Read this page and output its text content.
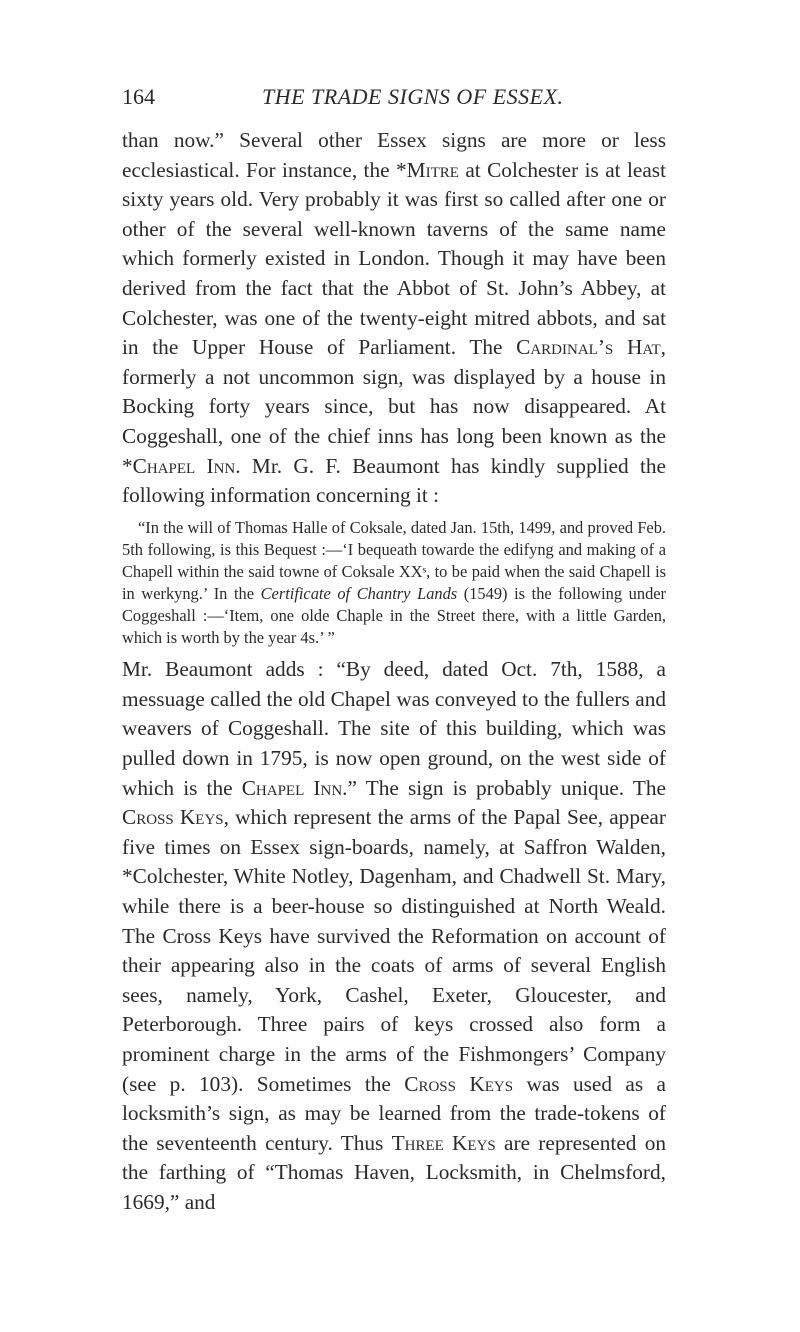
164	THE TRADE SIGNS OF ESSEX.

than now.” Several other Essex signs are more or less ecclesiastical. For instance, the *Mitre at Colchester is at least sixty years old. Very probably it was first so called after one or other of the several well-known taverns of the same name which formerly existed in London. Though it may have been derived from the fact that the Abbot of St. John’s Abbey, at Colchester, was one of the twenty-eight mitred abbots, and sat in the Upper House of Parliament. The Cardinal’s Hat, formerly a not uncommon sign, was displayed by a house in Bocking forty years since, but has now disappeared. At Coggeshall, one of the chief inns has long been known as the *Chapel Inn. Mr. G. F. Beaumont has kindly supplied the following information concerning it :

“In the will of Thomas Halle of Coksale, dated Jan. 15th, 1499, and proved Feb. 5th following, is this Bequest :—‘I bequeath towarde the edifyng and making of a Chapell within the said towne of Coksale XXˢ, to be paid when the said Chapell is in werkyng.’ In the Certificate of Chantry Lands (1549) is the following under Coggeshall :—‘Item, one olde Chaple in the Street there, with a little Garden, which is worth by the year 4s.’ ”

Mr. Beaumont adds : “By deed, dated Oct. 7th, 1588, a messuage called the old Chapel was conveyed to the fullers and weavers of Coggeshall. The site of this building, which was pulled down in 1795, is now open ground, on the west side of which is the Chapel Inn.” The sign is probably unique. The Cross Keys, which represent the arms of the Papal See, appear five times on Essex sign-boards, namely, at Saffron Walden, *Colchester, White Notley, Dagenham, and Chadwell St. Mary, while there is a beer-house so distinguished at North Weald. The Cross Keys have survived the Reformation on account of their appearing also in the coats of arms of several English sees, namely, York, Cashel, Exeter, Gloucester, and Peterborough. Three pairs of keys crossed also form a prominent charge in the arms of the Fishmongers’ Company (see p. 103). Sometimes the Cross Keys was used as a locksmith’s sign, as may be learned from the trade-tokens of the seventeenth century. Thus Three Keys are represented on the farthing of “Thomas Haven, Locksmith, in Chelmsford, 1669,” and
